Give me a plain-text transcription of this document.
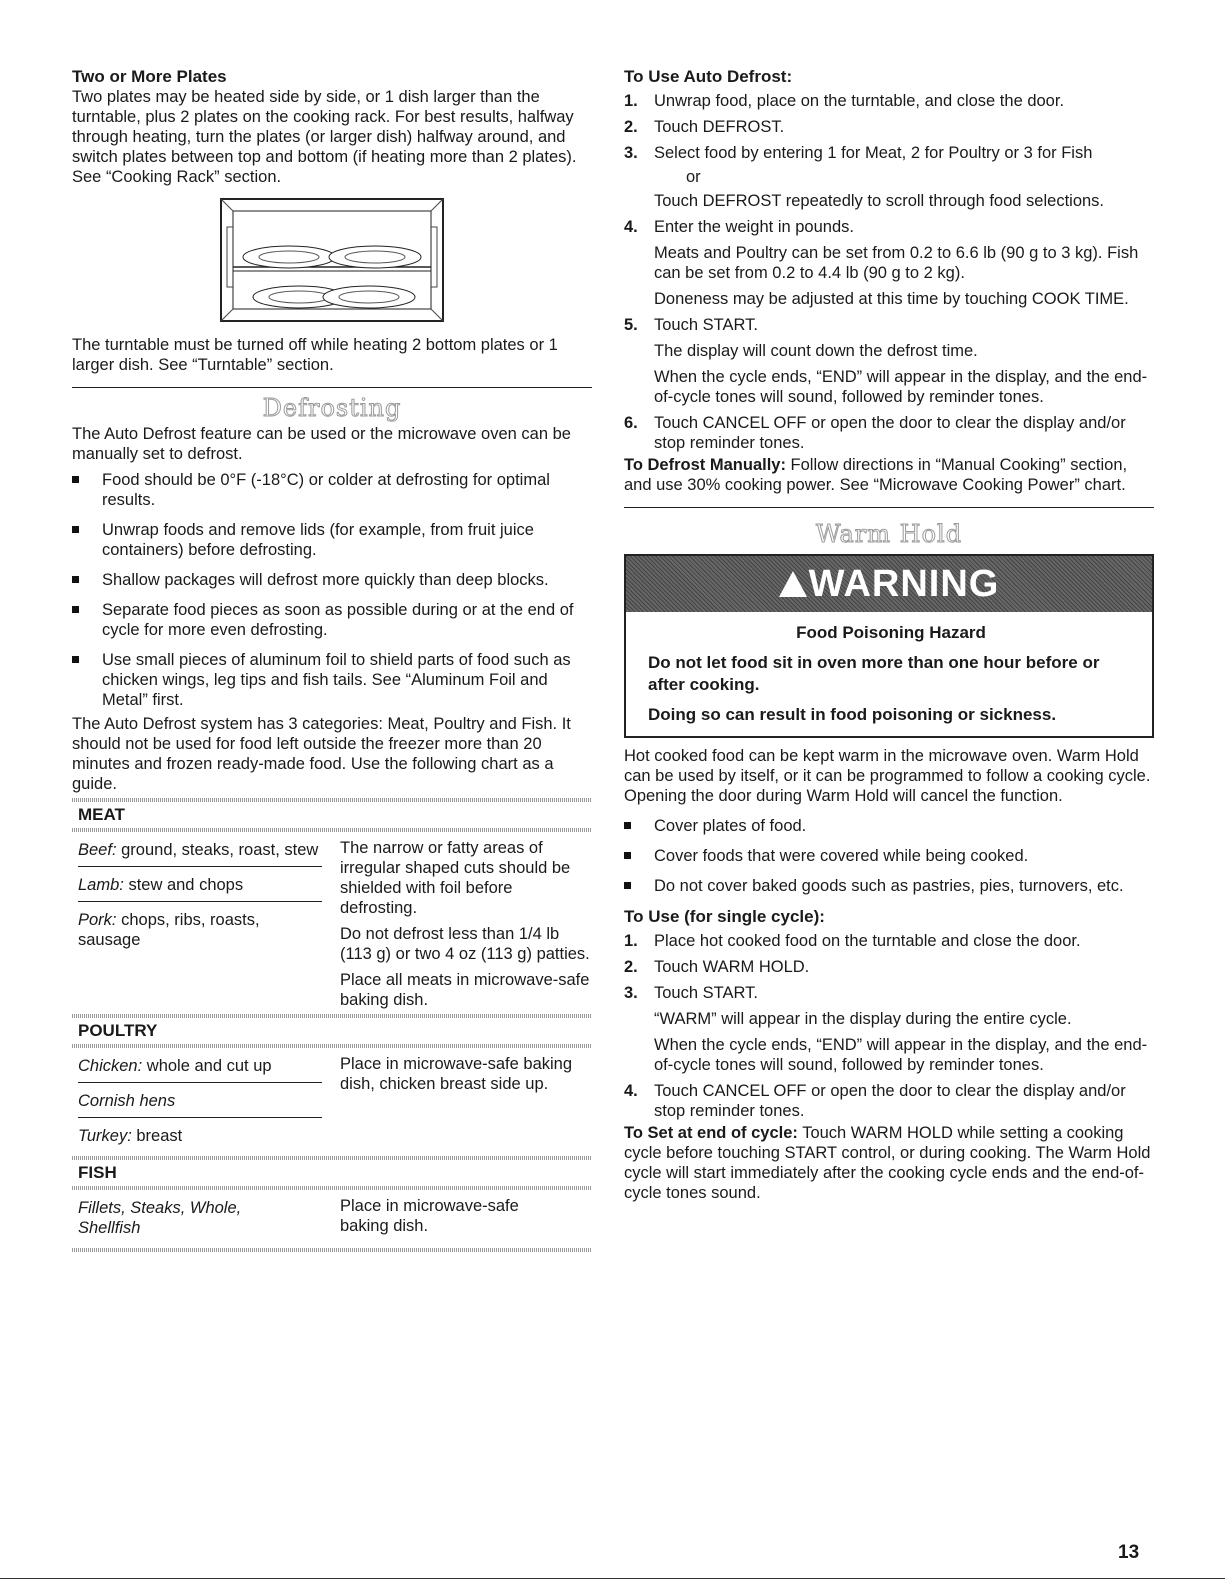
Two or More Plates

Two plates may be heated side by side, or 1 dish larger than the turntable, plus 2 plates on the cooking rack. For best results, halfway through heating, turn the plates (or larger dish) halfway around, and switch plates between top and bottom (if heating more than 2 plates). See “Cooking Rack” section.

The turntable must be turned off while heating 2 bottom plates or 1 larger dish. See “Turntable” section.

Defrosting

The Auto Defrost feature can be used or the microwave oven can be manually set to defrost.

Food should be 0°F (-18°C) or colder at defrosting for optimal results.
Unwrap foods and remove lids (for example, from fruit juice containers) before defrosting.
Shallow packages will defrost more quickly than deep blocks.
Separate food pieces as soon as possible during or at the end of cycle for more even defrosting.
Use small pieces of aluminum foil to shield parts of food such as chicken wings, leg tips and fish tails. See “Aluminum Foil and Metal” first.

The Auto Defrost system has 3 categories: Meat, Poultry and Fish. It should not be used for food left outside the freezer more than 20 minutes and frozen ready-made food. Use the following chart as a guide.

MEAT

Beef: ground, steaks, roast, stew

Lamb: stew and chops

Pork: chops, ribs, roasts, sausage

The narrow or fatty areas of irregular shaped cuts should be shielded with foil before defrosting.

Do not defrost less than 1/4 lb (113 g) or two 4 oz (113 g) patties.

Place all meats in microwave-safe baking dish.

POULTRY

Chicken: whole and cut up

Cornish hens

Turkey: breast

Place in microwave-safe baking dish, chicken breast side up.

FISH

Fillets, Steaks, Whole, Shellfish

Place in microwave-safe baking dish.

To Use Auto Defrost:
1. Unwrap food, place on the turntable, and close the door.

2. Touch DEFROST.

3. Select food by entering 1 for Meat, 2 for Poultry or 3 for Fish

or

Touch DEFROST repeatedly to scroll through food selections.

4. Enter the weight in pounds.

Meats and Poultry can be set from 0.2 to 6.6 lb (90 g to 3 kg). Fish can be set from 0.2 to 4.4 lb (90 g to 2 kg).

Doneness may be adjusted at this time by touching COOK TIME.

5. Touch START.

The display will count down the defrost time.

When the cycle ends, “END” will appear in the display, and the end-of-cycle tones will sound, followed by reminder tones.

6. Touch CANCEL OFF or open the door to clear the display and/or stop reminder tones.

To Defrost Manually: Follow directions in “Manual Cooking” section, and use 30% cooking power. See “Microwave Cooking Power” chart.

Warm Hold
WARNING
Food Poisoning Hazard
Do not let food sit in oven more than one hour before or after cooking.
Doing so can result in food poisoning or sickness.

Hot cooked food can be kept warm in the microwave oven. Warm Hold can be used by itself, or it can be programmed to follow a cooking cycle. Opening the door during Warm Hold will cancel the function.

Cover plates of food.
Cover foods that were covered while being cooked.
Do not cover baked goods such as pastries, pies, turnovers, etc.
To Use (for single cycle):
1. Place hot cooked food on the turntable and close the door.

2. Touch WARM HOLD.

3. Touch START.

“WARM” will appear in the display during the entire cycle.

When the cycle ends, “END” will appear in the display, and the end-of-cycle tones will sound, followed by reminder tones.

4. Touch CANCEL OFF or open the door to clear the display and/or stop reminder tones.

To Set at end of cycle: Touch WARM HOLD while setting a cooking cycle before touching START control, or during cooking. The Warm Hold cycle will start immediately after the cooking cycle ends and the end-of-cycle tones sound.

13
